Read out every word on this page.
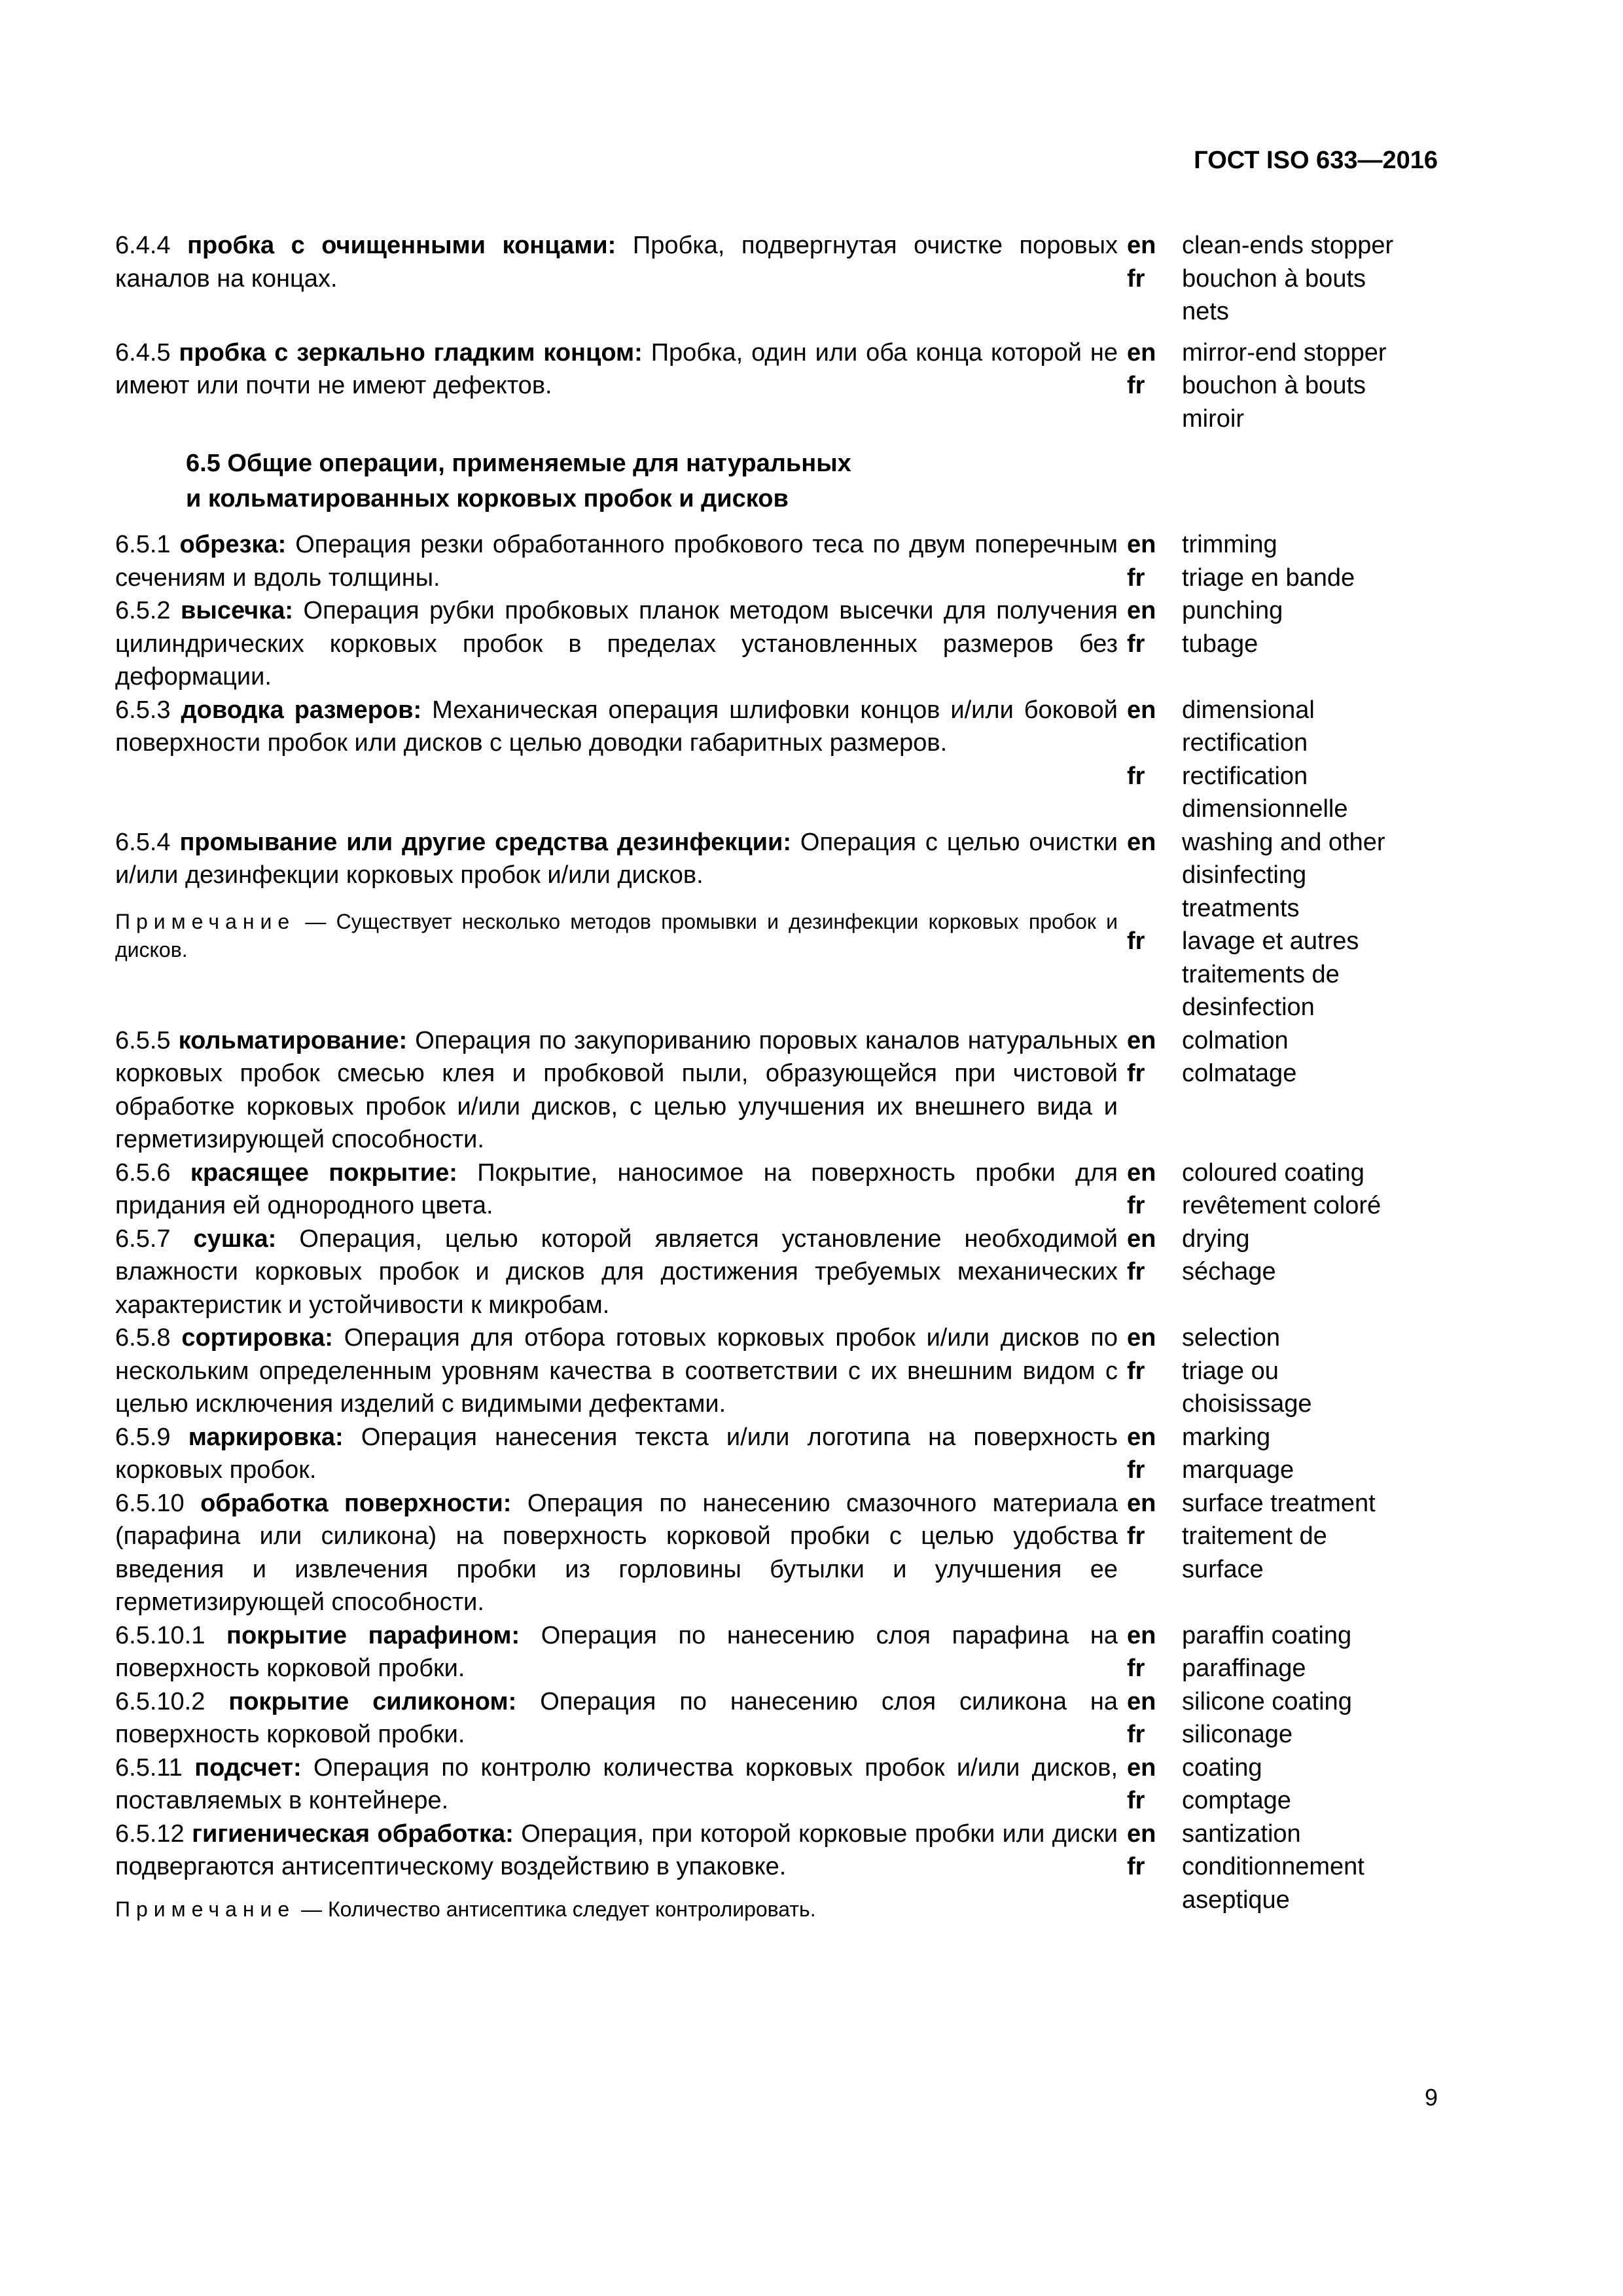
ГОСТ ISO 633—2016
6.4.4 пробка с очищенными концами: Пробка, подвергнутая очистке поровых каналов на концах.
en	clean-ends stopper
fr	bouchon à bouts nets
6.4.5 пробка с зеркально гладким концом: Пробка, один или оба конца которой не имеют или почти не имеют дефектов.
en	mirror-end stopper
fr	bouchon à bouts miroir
6.5 Общие операции, применяемые для натуральных
и кольматированных корковых пробок и дисков
6.5.1 обрезка: Операция резки обработанного пробкового теса по двум поперечным сечениям и вдоль толщины.
en	trimming
fr	triage en bande
6.5.2 высечка: Операция рубки пробковых планок методом высечки для получения цилиндрических корковых пробок в пределах установленных размеров без деформации.
en	punching
fr	tubage
6.5.3 доводка размеров: Механическая операция шлифовки концов и/или боковой поверхности пробок или дисков с целью доводки габаритных размеров.
en	dimensional rectification
fr	rectification dimensionnelle
6.5.4 промывание или другие средства дезинфекции: Операция с целью очистки и/или дезинфекции корковых пробок и/или дисков.
Примечание — Существует несколько методов промывки и дезинфекции корковых пробок и дисков.
en	washing and other disinfecting treatments
fr	lavage et autres traitements de desinfection
6.5.5 кольматирование: Операция по закупориванию поровых каналов натуральных корковых пробок смесью клея и пробковой пыли, образующейся при чистовой обработке корковых пробок и/или дисков, с целью улучшения их внешнего вида и герметизирующей способности.
en	colmation
fr	colmatage
6.5.6 красящее покрытие: Покрытие, наносимое на поверхность пробки для придания ей однородного цвета.
en	coloured coating
fr	revêtement coloré
6.5.7 сушка: Операция, целью которой является установление необходимой влажности корковых пробок и дисков для достижения требуемых механических характеристик и устойчивости к микробам.
en	drying
fr	séchage
6.5.8 сортировка: Операция для отбора готовых корковых пробок и/или дисков по нескольким определенным уровням качества в соответствии с их внешним видом с целью исключения изделий с видимыми дефектами.
en	selection
fr	triage ou choisissage
6.5.9 маркировка: Операция нанесения текста и/или логотипа на поверхность корковых пробок.
en	marking
fr	marquage
6.5.10 обработка поверхности: Операция по нанесению смазочного материала (парафина или силикона) на поверхность корковой пробки с целью удобства введения и извлечения пробки из горловины бутылки и улучшения ее герметизирующей способности.
en	surface treatment
fr	traitement de surface
6.5.10.1 покрытие парафином: Операция по нанесению слоя парафина на поверхность корковой пробки.
en	paraffin coating
fr	paraffinage
6.5.10.2 покрытие силиконом: Операция по нанесению слоя силикона на поверхность корковой пробки.
en	silicone coating
fr	siliconage
6.5.11 подсчет: Операция по контролю количества корковых пробок и/или дисков, поставляемых в контейнере.
en	coating
fr	comptage
6.5.12 гигиеническая обработка: Операция, при которой корковые пробки или диски подвергаются антисептическому воздействию в упаковке.
Примечание — Количество антисептика следует контролировать.
en	santization
fr	conditionnement aseptique
9
